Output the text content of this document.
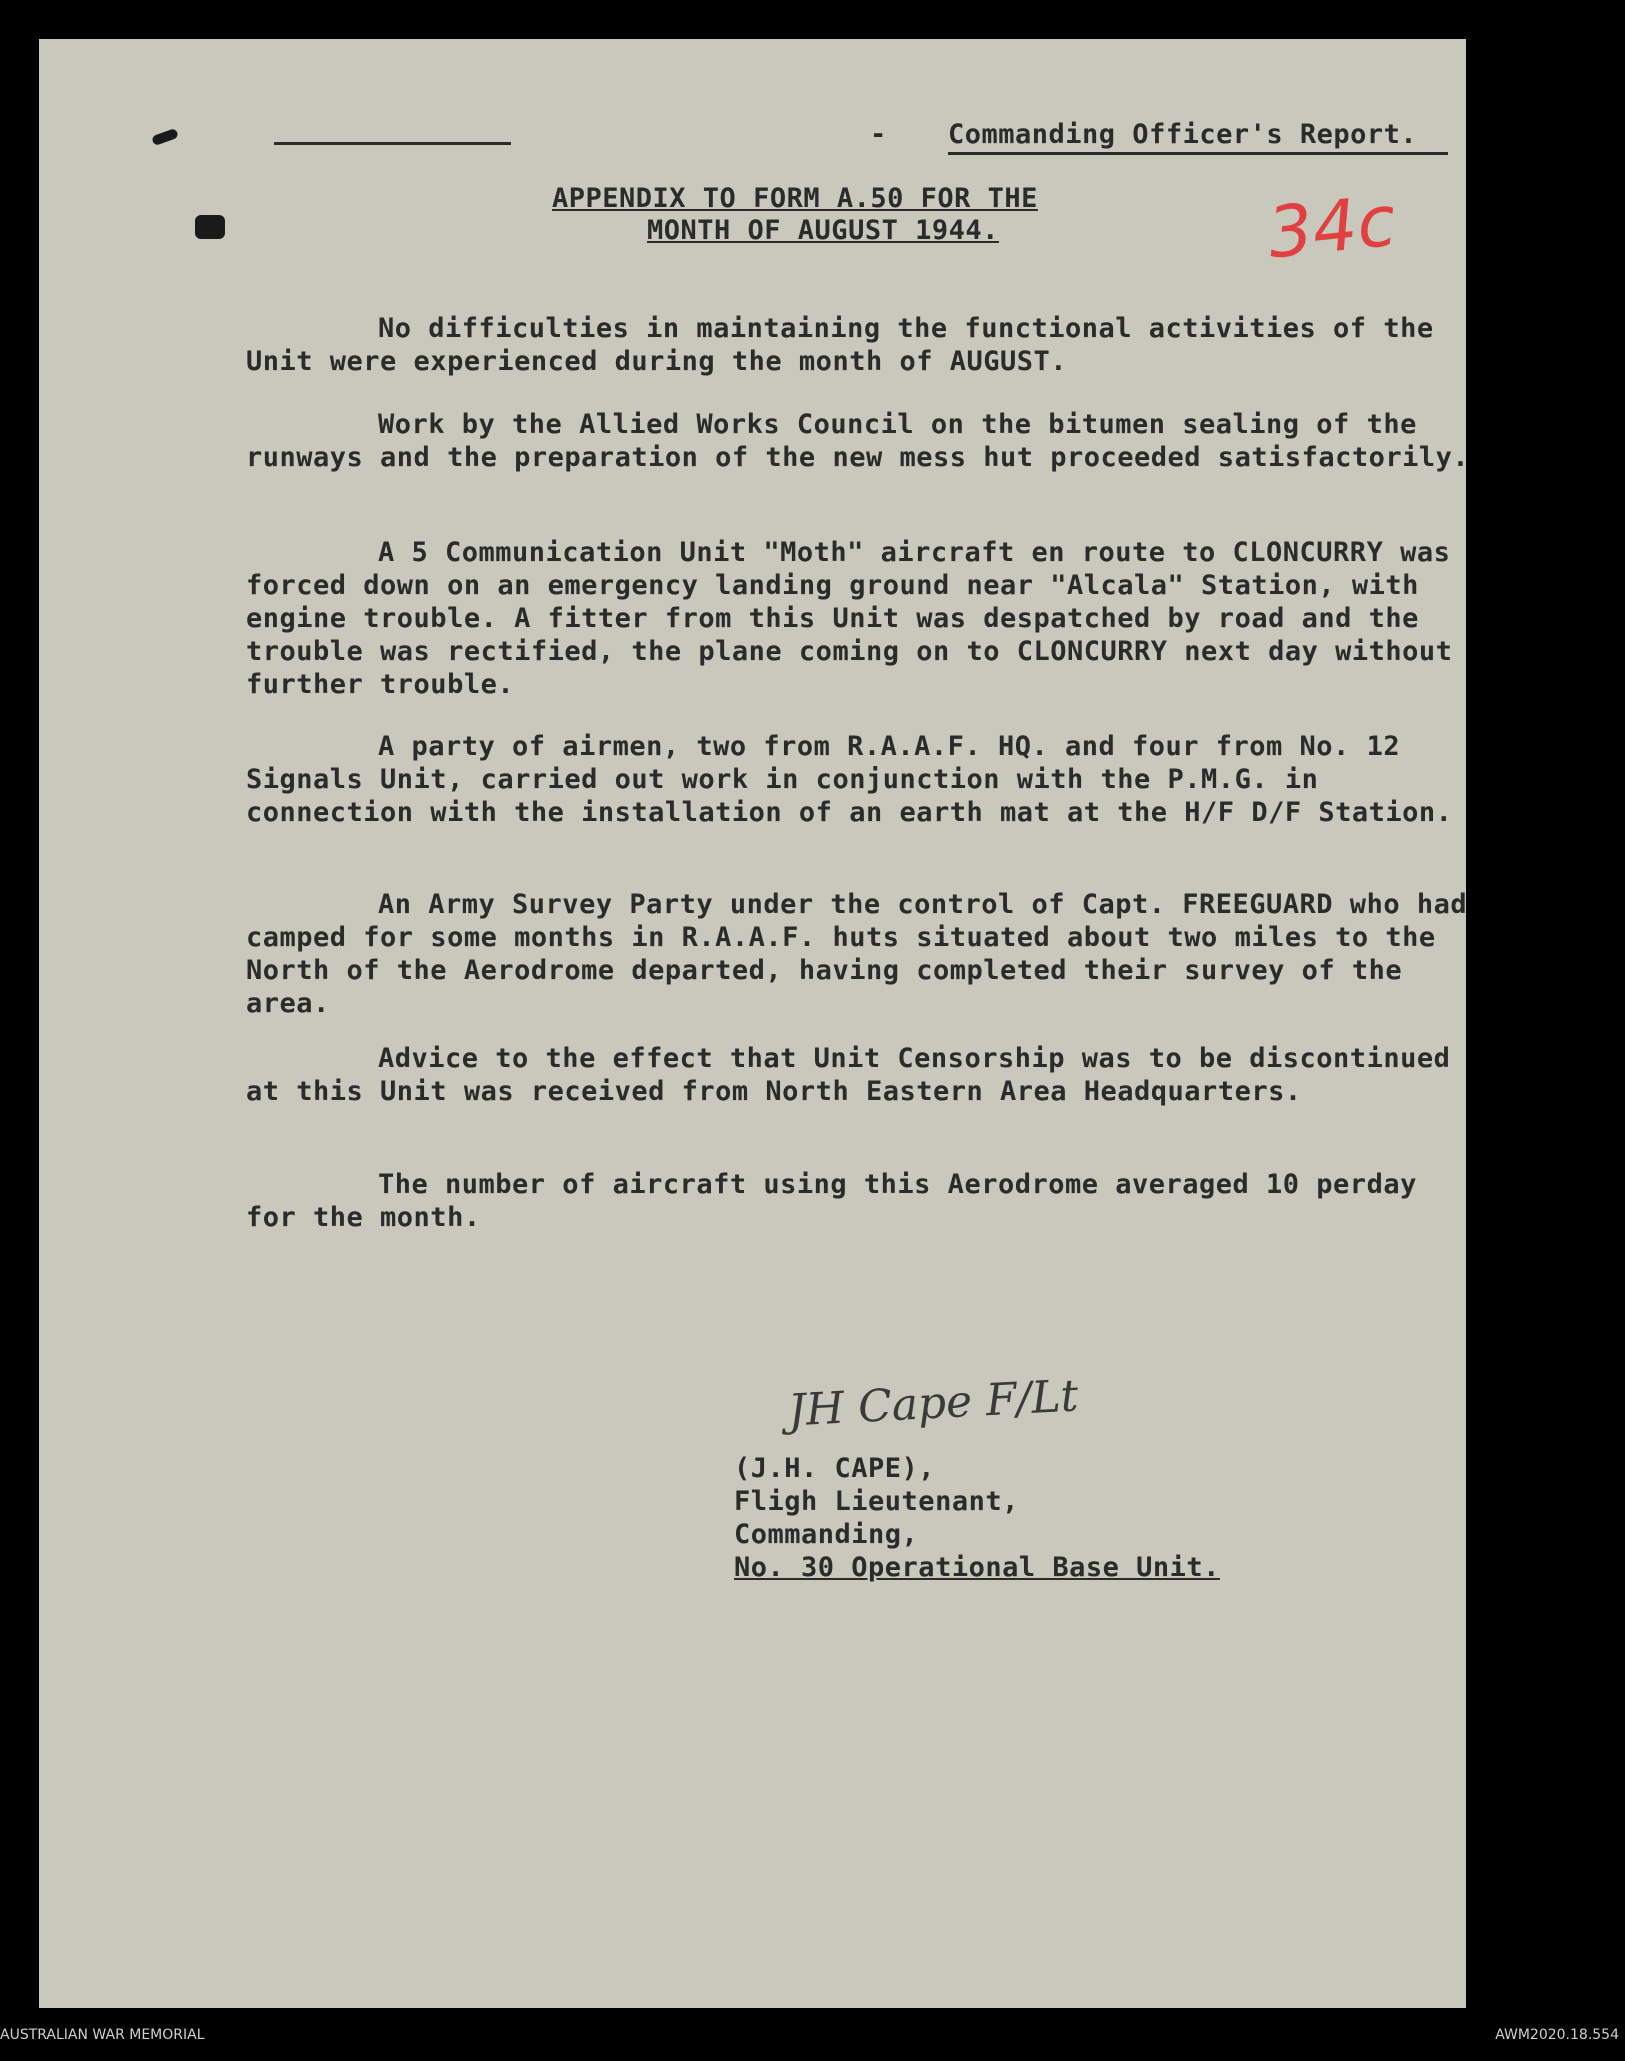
- Commanding Officer's Report.
APPENDIX TO FORM A.50 FOR THE
MONTH OF AUGUST 1944.	34c
No difficulties in maintaining the functional activities of the Unit were experienced during the month of AUGUST.
Work by the Allied Works Council on the bitumen sealing of the runways and the preparation of the new mess hut proceeded satisfactorily.
A 5 Communication Unit "Moth" aircraft en route to CLONCURRY was forced down on an emergency landing ground near "Alcala" Station, with engine trouble. A fitter from this Unit was despatched by road and the trouble was rectified, the plane coming on to CLONCURRY next day without further trouble.
A party of airmen, two from R.A.A.F. HQ. and four from No. 12 Signals Unit, carried out work in conjunction with the P.M.G. in connection with the installation of an earth mat at the H/F D/F Station.
An Army Survey Party under the control of Capt. FREEGUARD who had camped for some months in R.A.A.F. huts situated about two miles to the North of the Aerodrome departed, having completed their survey of the area.
Advice to the effect that Unit Censorship was to be discontinued at this Unit was received from North Eastern Area Headquarters.
The number of aircraft using this Aerodrome averaged 10 perday for the month.
JH Cape F/Lt
(J.H. CAPE),
Fligh Lieutenant,
Commanding,
No. 30 Operational Base Unit.
AUSTRALIAN WAR MEMORIAL	AWM2020.18.554
